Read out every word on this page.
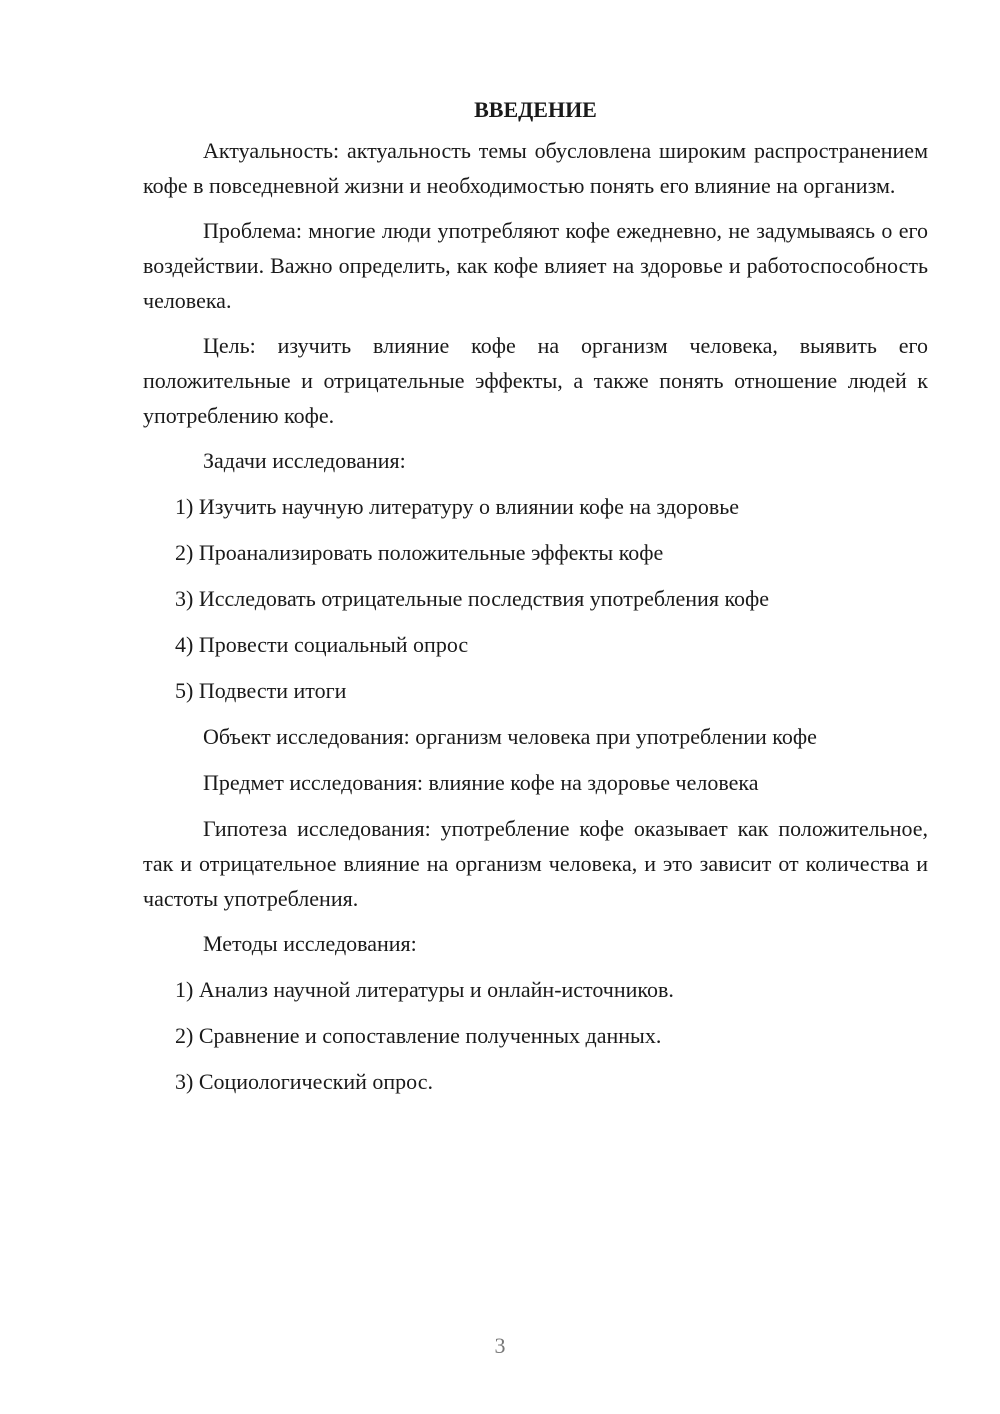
ВВЕДЕНИЕ

Актуальность: актуальность темы обусловлена широким распространением кофе в повседневной жизни и необходимостью понять его влияние на организм.

Проблема: многие люди употребляют кофе ежедневно, не задумываясь о его воздействии. Важно определить, как кофе влияет на здоровье и работоспособность человека.

Цель: изучить влияние кофе на организм человека, выявить его положительные и отрицательные эффекты, а также понять отношение людей к употреблению кофе.

Задачи исследования:
1) Изучить научную литературу о влиянии кофе на здоровье
2) Проанализировать положительные эффекты кофе
3) Исследовать отрицательные последствия употребления кофе
4) Провести социальный опрос
5) Подвести итоги
Объект исследования: организм человека при употреблении кофе
Предмет исследования: влияние кофе на здоровье человека

Гипотеза исследования: употребление кофе оказывает как положительное, так и отрицательное влияние на организм человека, и это зависит от количества и частоты употребления.

Методы исследования:
1) Анализ научной литературы и онлайн-источников.
2) Сравнение и сопоставление полученных данных.
3) Социологический опрос.
3
